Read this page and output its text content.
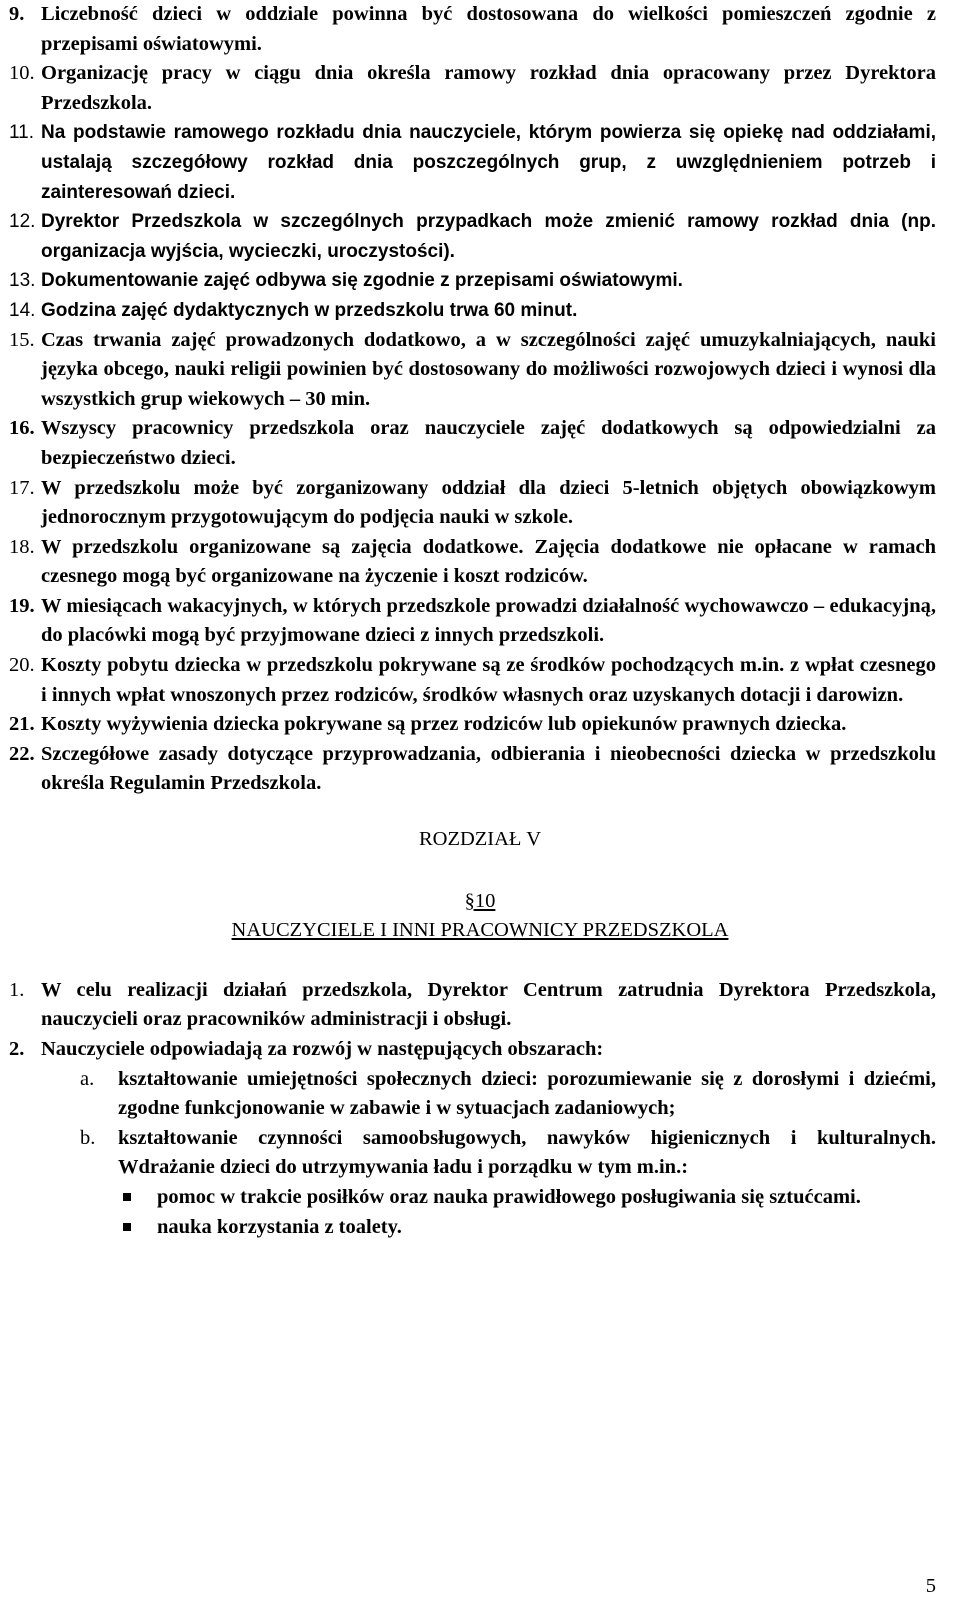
9. Liczebność dzieci w oddziale powinna być dostosowana do wielkości pomieszczeń zgodnie z przepisami oświatowymi.
10. Organizację pracy w ciągu dnia określa ramowy rozkład dnia opracowany przez Dyrektora Przedszkola.
11. Na podstawie ramowego rozkładu dnia nauczyciele, którym powierza się opiekę nad oddziałami, ustalają szczegółowy rozkład dnia poszczególnych grup, z uwzględnieniem potrzeb i zainteresowań dzieci.
12. Dyrektor Przedszkola w szczególnych przypadkach może zmienić ramowy rozkład dnia (np. organizacja wyjścia, wycieczki, uroczystości).
13. Dokumentowanie zajęć odbywa się zgodnie z przepisami oświatowymi.
14. Godzina zajęć dydaktycznych w przedszkolu trwa 60 minut.
15. Czas trwania zajęć prowadzonych dodatkowo, a w szczególności zajęć umuzykalniających, nauki języka obcego, nauki religii powinien być dostosowany do możliwości rozwojowych dzieci i wynosi dla wszystkich grup wiekowych – 30 min.
16. Wszyscy pracownicy przedszkola oraz nauczyciele zajęć dodatkowych są odpowiedzialni za bezpieczeństwo dzieci.
17. W przedszkolu może być zorganizowany oddział dla dzieci 5-letnich objętych obowiązkowym jednorocznym przygotowującym do podjęcia nauki w szkole.
18. W przedszkolu organizowane są zajęcia dodatkowe. Zajęcia dodatkowe nie opłacane w ramach czesnego mogą być organizowane na życzenie i koszt rodziców.
19. W miesiącach wakacyjnych, w których przedszkole prowadzi działalność wychowawczo – edukacyjną, do placówki mogą być przyjmowane dzieci z innych przedszkoli.
20. Koszty pobytu dziecka w przedszkolu pokrywane są ze środków pochodzących m.in. z wpłat czesnego i innych wpłat wnoszonych przez rodziców, środków własnych oraz uzyskanych dotacji i darowizn.
21. Koszty wyżywienia dziecka pokrywane są przez rodziców lub opiekunów prawnych dziecka.
22. Szczegółowe zasady dotyczące przyprowadzania, odbierania i nieobecności dziecka w przedszkolu określa Regulamin Przedszkola.
ROZDZIAŁ V
§10
NAUCZYCIELE I INNI PRACOWNICY PRZEDSZKOLA
1. W celu realizacji działań przedszkola, Dyrektor Centrum zatrudnia Dyrektora Przedszkola, nauczycieli oraz pracowników administracji i obsługi.
2. Nauczyciele odpowiadają za rozwój w następujących obszarach:
a. kształtowanie umiejętności społecznych dzieci: porozumiewanie się z dorosłymi i dziećmi, zgodne funkcjonowanie w zabawie i w sytuacjach zadaniowych;
b. kształtowanie czynności samoobsługowych, nawyków higienicznych i kulturalnych. Wdrażanie dzieci do utrzymywania ładu i porządku w tym m.in.:
pomoc w trakcie posiłków oraz nauka prawidłowego posługiwania się sztućcami.
nauka korzystania z toalety.
5
